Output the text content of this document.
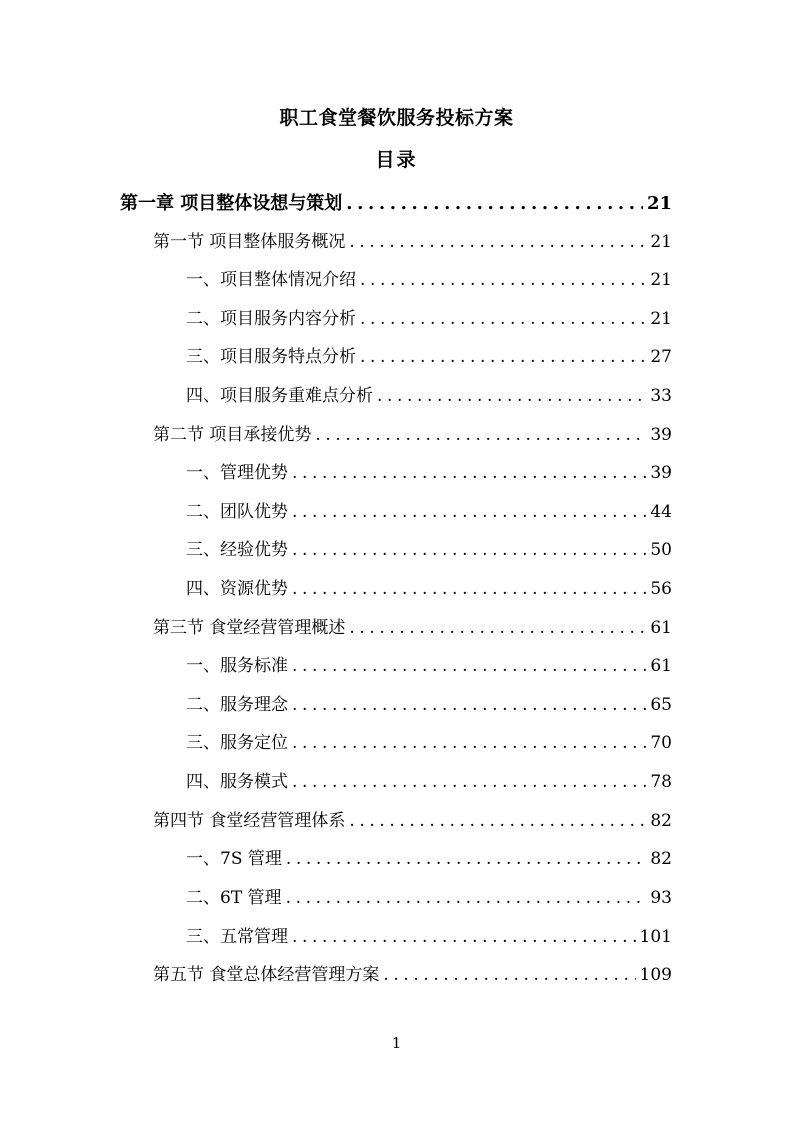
职工食堂餐饮服务投标方案
目录
第一章 项目整体设想与策划 .....	21
第一节 项目整体服务概况 .....	21
一、项目整体情况介绍 .....	21
二、项目服务内容分析 .....	21
三、项目服务特点分析 .....	27
四、项目服务重难点分析 .....	33
第二节 项目承接优势 .....	39
一、管理优势 .....	39
二、团队优势 .....	44
三、经验优势 .....	50
四、资源优势 .....	56
第三节 食堂经营管理概述 .....	61
一、服务标准 .....	61
二、服务理念 .....	65
三、服务定位 .....	70
四、服务模式 .....	78
第四节 食堂经营管理体系 .....	82
一、7S 管理 .....	82
二、6T 管理 .....	93
三、五常管理 .....	101
第五节 食堂总体经营管理方案 .....	109
1
